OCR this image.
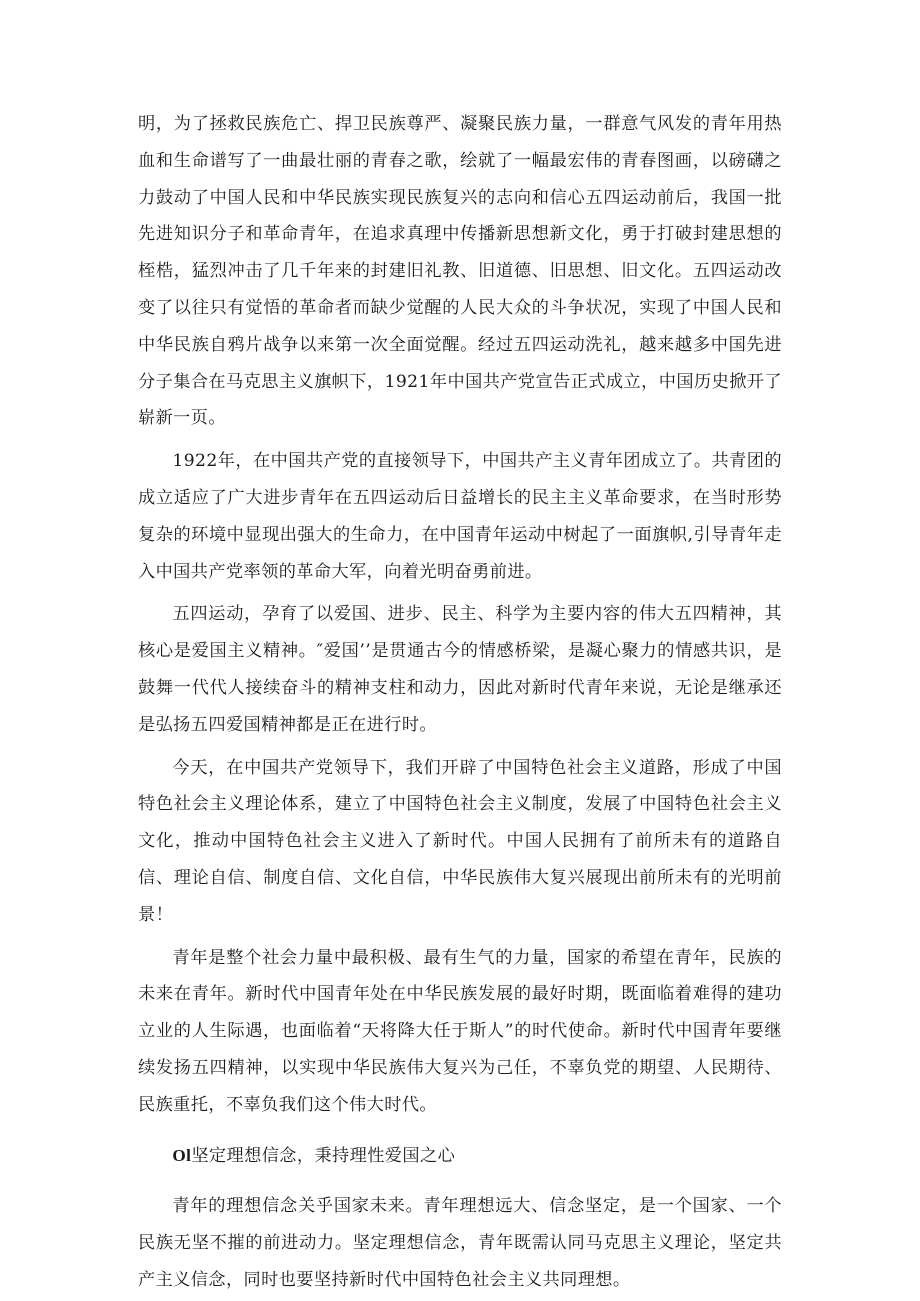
明，为了拯救民族危亡、捍卫民族尊严、凝聚民族力量，一群意气风发的青年用热血和生命谱写了一曲最壮丽的青春之歌，绘就了一幅最宏伟的青春图画，以磅礴之力鼓动了中国人民和中华民族实现民族复兴的志向和信心五四运动前后，我国一批先进知识分子和革命青年，在追求真理中传播新思想新文化，勇于打破封建思想的桎梏，猛烈冲击了几千年来的封建旧礼教、旧道德、旧思想、旧文化。五四运动改变了以往只有觉悟的革命者而缺少觉醒的人民大众的斗争状况，实现了中国人民和中华民族自鸦片战争以来第一次全面觉醒。经过五四运动洗礼，越来越多中国先进分子集合在马克思主义旗帜下，1921年中国共产党宣告正式成立，中国历史掀开了崭新一页。

1922年，在中国共产党的直接领导下，中国共产主义青年团成立了。共青团的成立适应了广大进步青年在五四运动后日益增长的民主主义革命要求，在当时形势复杂的环境中显现出强大的生命力，在中国青年运动中树起了一面旗帜,引导青年走入中国共产党率领的革命大军，向着光明奋勇前进。

五四运动，孕育了以爱国、进步、民主、科学为主要内容的伟大五四精神，其核心是爱国主义精神。″爱国’’是贯通古今的情感桥梁，是凝心聚力的情感共识，是鼓舞一代代人接续奋斗的精神支柱和动力，因此对新时代青年来说，无论是继承还是弘扬五四爱国精神都是正在进行时。

今天，在中国共产党领导下，我们开辟了中国特色社会主义道路，形成了中国特色社会主义理论体系，建立了中国特色社会主义制度，发展了中国特色社会主义文化，推动中国特色社会主义进入了新时代。中国人民拥有了前所未有的道路自信、理论自信、制度自信、文化自信，中华民族伟大复兴展现出前所未有的光明前景！

青年是整个社会力量中最积极、最有生气的力量，国家的希望在青年，民族的未来在青年。新时代中国青年处在中华民族发展的最好时期，既面临着难得的建功立业的人生际遇，也面临着“天将降大任于斯人”的时代使命。新时代中国青年要继续发扬五四精神，以实现中华民族伟大复兴为己任，不辜负党的期望、人民期待、民族重托，不辜负我们这个伟大时代。

Ol坚定理想信念，秉持理性爱国之心

青年的理想信念关乎国家未来。青年理想远大、信念坚定，是一个国家、一个民族无坚不摧的前进动力。坚定理想信念，青年既需认同马克思主义理论，坚定共产主义信念，同时也要坚持新时代中国特色社会主义共同理想。
